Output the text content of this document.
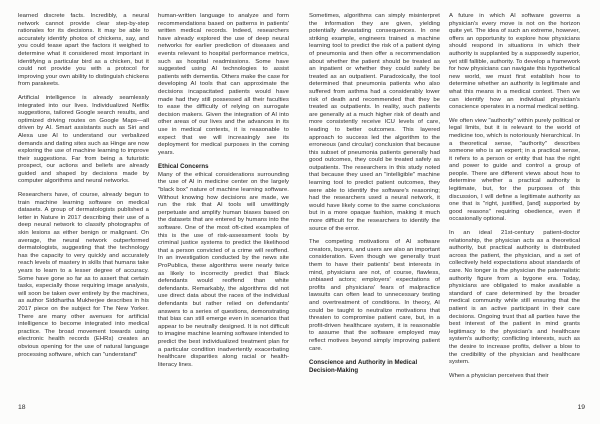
learned discrete facts. Incredibly, a neural network cannot provide clear step-by-step rationales for its decisions. It may be able to accurately identify photos of chickens, say, and you could tease apart the factors it weighed to determine what it considered most important in identifying a particular bird as a chicken, but it could not provide you with a protocol for improving your own ability to distinguish chickens from parakeets.

Artificial intelligence is already seamlessly integrated into our lives. Individualized Netflix suggestions, tailored Google search results, and optimized driving routes on Google Maps—all driven by AI. Smart assistants such as Siri and Alexa use AI to understand our verbalized demands and dating sites such as Hinge are now exploring the use of machine learning to improve their suggestions. Far from being a futuristic prospect, our actions and beliefs are already guided and shaped by decisions made by computer algorithms and neural networks.

Researchers have, of course, already begun to train machine learning software on medical datasets. A group of dermatologists published a letter in Nature in 2017 describing their use of a deep neural network to classify photographs of skin lesions as either benign or malignant. On average, the neural network outperformed dermatologists, suggesting that the technology has the capacity to very quickly and accurately reach levels of mastery in skills that humans take years to learn to a lesser degree of accuracy. Some have gone so far as to assert that certain tasks, especially those requiring image analysis, will soon be taken over entirely by the machines, as author Siddhartha Mukherjee describes in his 2017 piece on the subject for The New Yorker. There are many other avenues for artificial intelligence to become integrated into medical practice. The broad movement towards using electronic health records (EHRs) creates an obvious opening for the use of natural language processing software, which can "understand"

human-written language to analyze and form recommendations based on patterns in patients' written medical records. Indeed, researchers have already explored the use of deep neural networks for earlier prediction of diseases and events relevant to hospital performance metrics, such as hospital readmissions. Some have suggested using AI technologies to assist patients with dementia. Others make the case for developing AI tools that can approximate the decisions incapacitated patients would have made had they still possessed all their faculties to ease the difficulty of relying on surrogate decision makers. Given the integration of AI into other areas of our lives and the advances in its use in medical contexts, it is reasonable to expect that we will increasingly see its deployment for medical purposes in the coming years.

Ethical Concerns

Many of the ethical considerations surrounding the use of AI in medicine center on the largely "black box" nature of machine learning software. Without knowing how decisions are made, we run the risk that AI tools will unwittingly perpetuate and amplify human biases based on the datasets that are entered by humans into the software. One of the most oft-cited examples of this is the use of risk-assessment tools by criminal justice systems to predict the likelihood that a person convicted of a crime will reoffend. In an investigation conducted by the news site ProPublica, these algorithms were nearly twice as likely to incorrectly predict that Black defendants would reoffend than white defendants. Remarkably, the algorithms did not use direct data about the races of the individual defendants but rather relied on defendants' answers to a series of questions, demonstrating that bias can still emerge even in scenarios that appear to be neutrally designed. It is not difficult to imagine machine learning software intended to predict the best individualized treatment plan for a particular condition inadvertently exacerbating healthcare disparities along racial or health-literacy lines.

Sometimes, algorithms can simply misinterpret the information they are given, yielding potentially devastating consequences. In one striking example, engineers trained a machine learning tool to predict the risk of a patient dying of pneumonia and then offer a recommendation about whether the patient should be treated as an inpatient or whether they could safely be treated as an outpatient. Paradoxically, the tool determined that pneumonia patients who also suffered from asthma had a considerably lower risk of death and recommended that they be treated as outpatients. In reality, such patients are generally at a much higher risk of death and more consistently receive ICU levels of care, leading to better outcomes. This layered approach to success led the algorithm to the erroneous (and circular) conclusion that because this subset of pneumonia patients generally had good outcomes, they could be treated safely as outpatients. The researchers in this study noted that because they used an "intelligible" machine learning tool to predict patient outcomes, they were able to identify the software's reasoning; had the researchers used a neural network, it would have likely come to the same conclusions but in a more opaque fashion, making it much more difficult for the researchers to identify the source of the error.

The competing motivations of AI software creators, buyers, and users are also an important consideration. Even though we generally trust them to have their patients' best interests in mind, physicians are not, of course, flawless, unbiased actors; employers' expectations of profits and physicians' fears of malpractice lawsuits can often lead to unnecessary testing and overtreatment of conditions. In theory, AI could be taught to neutralize motivations that threaten to compromise patient care, but, in a profit-driven healthcare system, it is reasonable to assume that the software employed may reflect motives beyond simply improving patient care.

Conscience and Authority in Medical Decision-Making

A future in which AI software governs a physician's every move is not on the horizon quite yet. The idea of such an extreme, however, offers an opportunity to explore how physicians should respond in situations in which their authority is supplanted by a supposedly superior, yet still fallible, authority. To develop a framework for how physicians can navigate this hypothetical new world, we must first establish how to determine whether an authority is legitimate and what this means in a medical context. Then we can identify how an individual physician's conscience operates in a normal medical setting.

We often view "authority" within purely political or legal limits, but it is relevant to the world of medicine too, which is notoriously hierarchical. In a theoretical sense, "authority" describes someone who is an expert; in a practical sense, it refers to a person or entity that has the right and power to guide and control a group of people. There are different views about how to determine whether a practical authority is legitimate, but, for the purposes of this discussion, I will define a legitimate authority as one that is "right, justified, [and] supported by good reasons" requiring obedience, even if occasionally optional.

In an ideal 21st-century patient-doctor relationship, the physician acts as a theoretical authority, but practical authority is distributed across the patient, the physician, and a set of collectively held expectations about standards of care. No longer is the physician the paternalistic authority figure from a bygone era. Today, physicians are obligated to make available a standard of care determined by the broader medical community while still ensuring that the patient is an active participant in their care decisions. Ongoing trust that all parties have the best interest of the patient in mind grants legitimacy to the physician's and healthcare system's authority; conflicting interests, such as the desire to increase profits, deliver a blow to the credibility of the physician and healthcare system.

When a physician perceives that their

18	19
